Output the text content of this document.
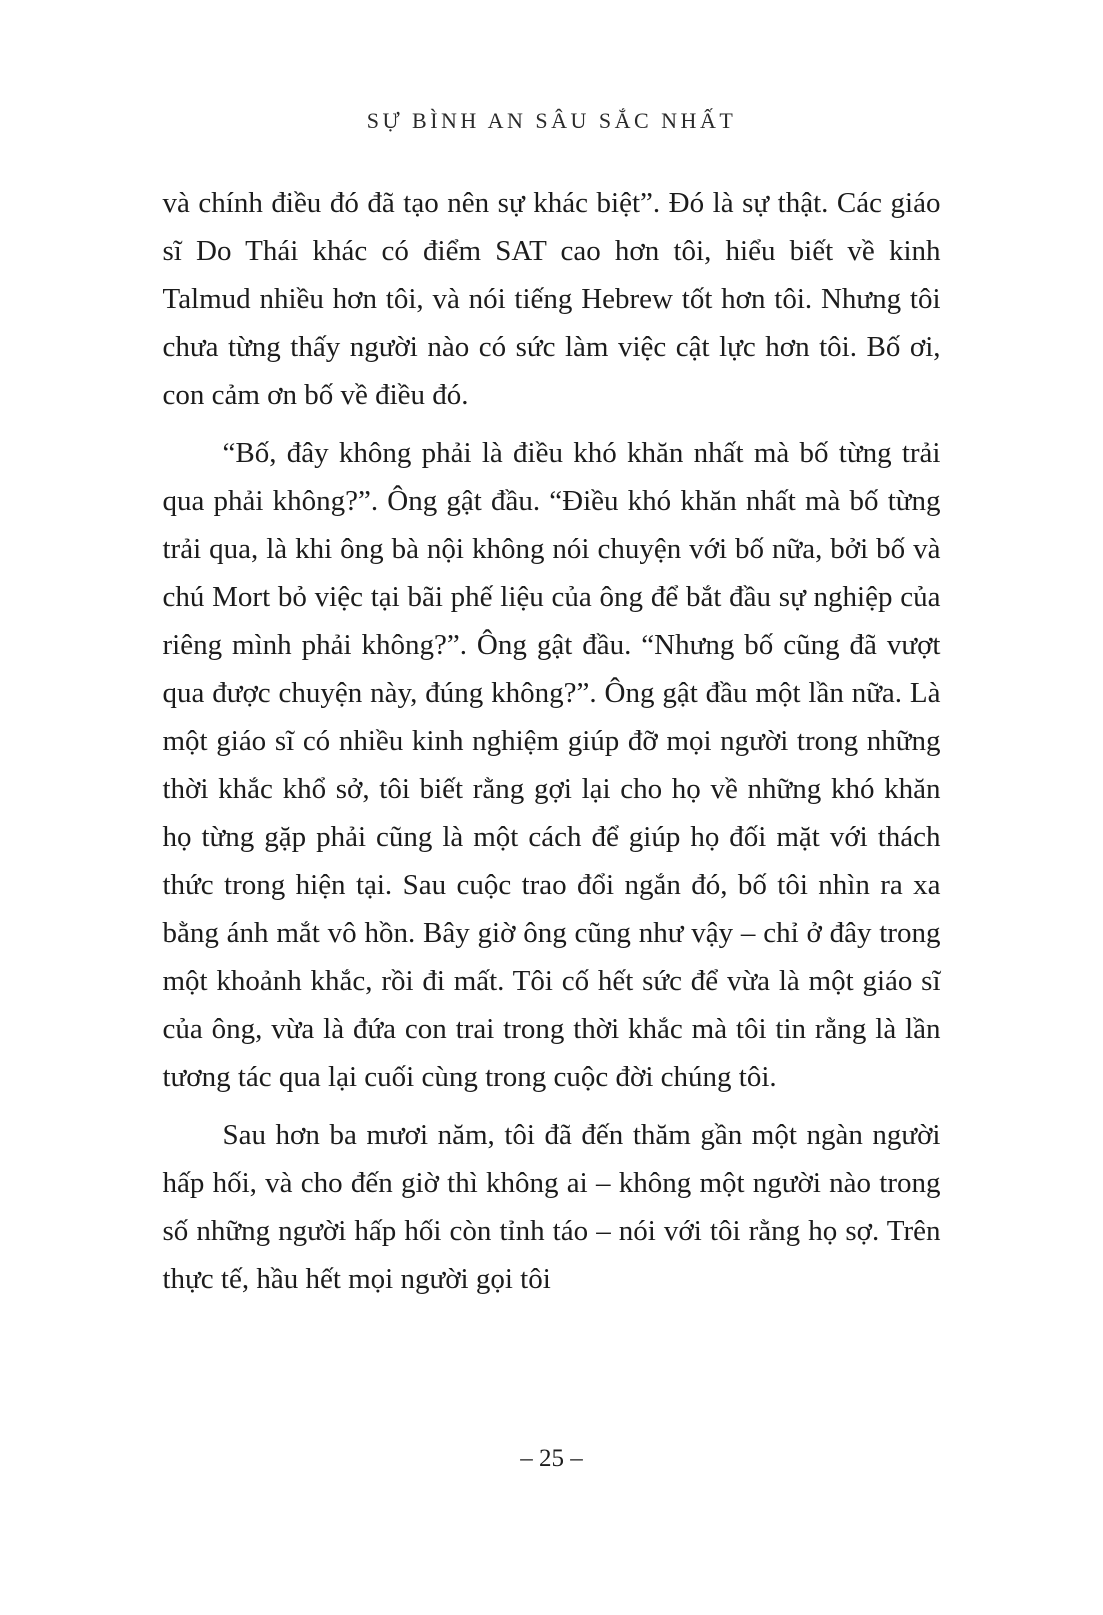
SỰ BÌNH AN SÂU SẮC NHẤT

và chính điều đó đã tạo nên sự khác biệt”. Đó là sự thật. Các giáo sĩ Do Thái khác có điểm SAT cao hơn tôi, hiểu biết về kinh Talmud nhiều hơn tôi, và nói tiếng Hebrew tốt hơn tôi. Nhưng tôi chưa từng thấy người nào có sức làm việc cật lực hơn tôi. Bố ơi, con cảm ơn bố về điều đó.

“Bố, đây không phải là điều khó khăn nhất mà bố từng trải qua phải không?”. Ông gật đầu. “Điều khó khăn nhất mà bố từng trải qua, là khi ông bà nội không nói chuyện với bố nữa, bởi bố và chú Mort bỏ việc tại bãi phế liệu của ông để bắt đầu sự nghiệp của riêng mình phải không?”. Ông gật đầu. “Nhưng bố cũng đã vượt qua được chuyện này, đúng không?”. Ông gật đầu một lần nữa. Là một giáo sĩ có nhiều kinh nghiệm giúp đỡ mọi người trong những thời khắc khổ sở, tôi biết rằng gợi lại cho họ về những khó khăn họ từng gặp phải cũng là một cách để giúp họ đối mặt với thách thức trong hiện tại. Sau cuộc trao đổi ngắn đó, bố tôi nhìn ra xa bằng ánh mắt vô hồn. Bây giờ ông cũng như vậy – chỉ ở đây trong một khoảnh khắc, rồi đi mất. Tôi cố hết sức để vừa là một giáo sĩ của ông, vừa là đứa con trai trong thời khắc mà tôi tin rằng là lần tương tác qua lại cuối cùng trong cuộc đời chúng tôi.

Sau hơn ba mươi năm, tôi đã đến thăm gần một ngàn người hấp hối, và cho đến giờ thì không ai – không một người nào trong số những người hấp hối còn tỉnh táo – nói với tôi rằng họ sợ. Trên thực tế, hầu hết mọi người gọi tôi

– 25 –
